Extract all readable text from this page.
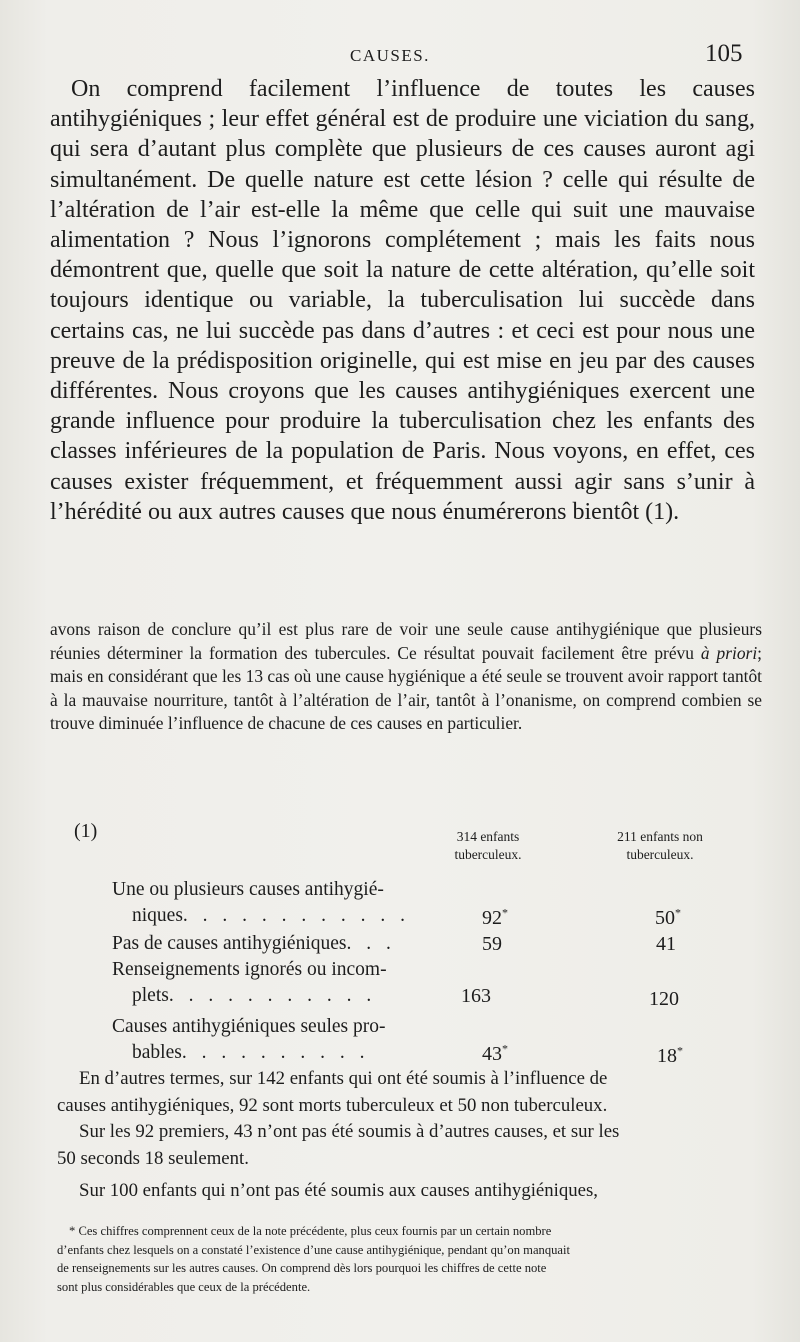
CAUSES.	105

On comprend facilement l’influence de toutes les causes antihygiéniques ; leur effet général est de produire une viciation du sang, qui sera d’autant plus complète que plusieurs de ces causes auront agi simultanément. De quelle nature est cette lésion ? celle qui résulte de l’altération de l’air est-elle la même que celle qui suit une mauvaise alimentation ? Nous l’ignorons complétement ; mais les faits nous démontrent que, quelle que soit la nature de cette altération, qu’elle soit toujours identique ou variable, la tuberculisation lui succède dans certains cas, ne lui succède pas dans d’autres : et ceci est pour nous une preuve de la prédisposition originelle, qui est mise en jeu par des causes différentes. Nous croyons que les causes antihygiéniques exercent une grande influence pour produire la tuberculisation chez les enfants des classes inférieures de la population de Paris. Nous voyons, en effet, ces causes exister fréquemment, et fréquemment aussi agir sans s’unir à l’hérédité ou aux autres causes que nous énumérerons bientôt (1).

avons raison de conclure qu’il est plus rare de voir une seule cause antihygiénique que plusieurs réunies déterminer la formation des tubercules. Ce résultat pouvait facilement être prévu à priori; mais en considérant que les 13 cas où une cause hygiénique a été seule se trouvent avoir rapport tantôt à la mauvaise nourriture, tantôt à l’altération de l’air, tantôt à l’onanisme, on comprend combien se trouve diminuée l’influence de chacune de ces causes en particulier.

(1)	314 enfants
tuberculeux.
211 enfants non
tuberculeux.
Une ou plusieurs causes antihygié-
niques. . . . . . . . . . . .	92*	50*
Pas de causes antihygiéniques. . .	59	41
Renseignements ignorés ou incom-
plets. . . . . . . . . . .	163	120
Causes antihygiéniques seules pro-
bables. . . . . . . . . .	43*	18*
En d’autres termes, sur 142 enfants qui ont été soumis à l’influence de
causes antihygiéniques, 92 sont morts tuberculeux et 50 non tuberculeux.
Sur les 92 premiers, 43 n’ont pas été soumis à d’autres causes, et sur les
50 seconds 18 seulement.

Sur 100 enfants qui n’ont pas été soumis aux causes antihygiéniques,

* Ces chiffres comprennent ceux de la note précédente, plus ceux fournis par un certain nombre
d’enfants chez lesquels on a constaté l’existence d’une cause antihygiénique, pendant qu’on manquait
de renseignements sur les autres causes. On comprend dès lors pourquoi les chiffres de cette note
sont plus considérables que ceux de la précédente.
